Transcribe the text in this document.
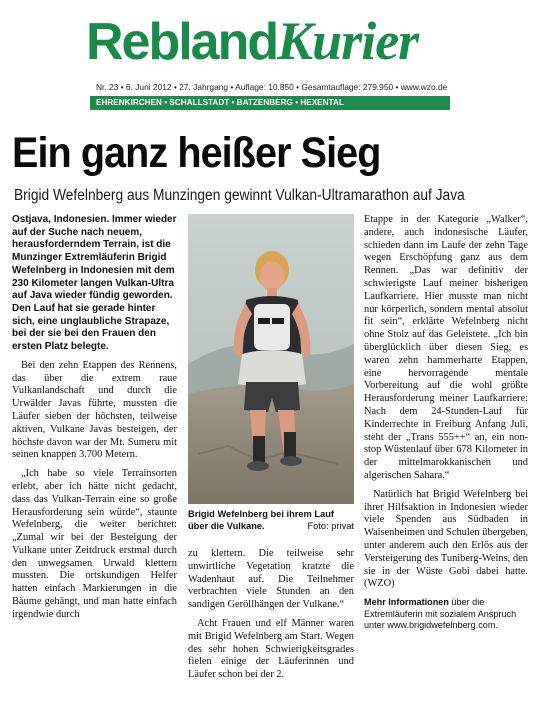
ReblandKurier
Nr. 23 • 6. Juni 2012 • 27. Jahrgang • Auflage: 10.850 • Gesamtauflage: 279.950 • www.wzo.de
EHRENKIRCHEN • SCHALLSTADT • BATZENBERG • HEXENTAL
Ein ganz heißer Sieg
Brigid Wefelnberg aus Munzingen gewinnt Vulkan-Ultramarathon auf Java

Ostjava, Indonesien. Immer wieder auf der Suche nach neuem, herausforderndem Terrain, ist die Munzinger Extremläuferin Brigid Wefelnberg in Indonesien mit dem 230 Kilometer langen Vulkan-Ultra auf Java wieder fündig geworden. Den Lauf hat sie gerade hinter sich, eine unglaubliche Strapaze, bei der sie bei den Frauen den ersten Platz belegte.

Bei den zehn Etappen des Rennens, das über die extrem raue Vulkanlandschaft und durch die Urwälder Javas führte, mussten die Läufer sieben der höchsten, teilweise aktiven, Vulkane Javas besteigen, der höchste davon war der Mt. Sumeru mit seinen knappen 3.700 Metern.

„Ich habe so viele Terrainsorten erlebt, aber ich hätte nicht gedacht, dass das Vulkan-Terrain eine so große Herausforderung sein würde“, staunte Wefelnberg, die weiter berichtet: „Zumal wir bei der Besteigung der Vulkane unter Zeitdruck erstmal durch den unwegsamen Urwald klettern mussten. Die ortskundigen Helfer hatten einfach Markierungen in die Bäume gehängt, und man hatte einfach irgendwie durch

Brigid Wefelnberg bei ihrem Lauf über die Vulkane.	Foto: privat

zu klettern. Die teilweise sehr unwirtliche Vegetation kratzte die Wadenhaut auf. Die Teilnehmer verbrachten viele Stunden an den sandigen Geröllhängen der Vulkane.“

Acht Frauen und elf Männer waren mit Brigid Wefelnberg am Start. Wegen des sehr hohen Schwierigkeitsgrades fielen einige der Läuferinnen und Läufer schon bei der 2.

Etappe in der Kategorie „Walker“, andere, auch indonesische Läufer, schieden dann im Laufe der zehn Tage wegen Erschöpfung ganz aus dem Rennen. „Das war definitiv der schwierigste Lauf meiner bisherigen Laufkarriere. Hier musste man nicht nur körperlich, sondern mental absolut fit sein“, erklärte Wefelnberg nicht ohne Stolz auf das Geleistete. „Ich bin überglücklich über diesen Sieg, es waren zehn hammerharte Etappen, eine hervorragende mentale Vorbereitung auf die wohl größte Herausforderung meiner Laufkarriere: Nach dem 24-Stunden-Lauf für Kinderrechte in Freiburg Anfang Juli, steht der „Trans 555++“ an, ein non-stop Wüstenlauf über 678 Kilometer in der mittelmarokkanischen und algerischen Sahara.“

Natürlich hat Brigid Wefelnberg bei ihrer Hilfsaktion in Indonesien wieder viele Spenden aus Südbaden in Waisenheimen und Schulen übergeben, unter anderem auch den Erlös aus der Versteigerung des Tuniberg-Weins, den sie in der Wüste Gobi dabei hatte. (WZO)

Mehr Informationen über die Extremläuferin mit sozialem Anspruch unter www.brigidwefelnberg.com.
